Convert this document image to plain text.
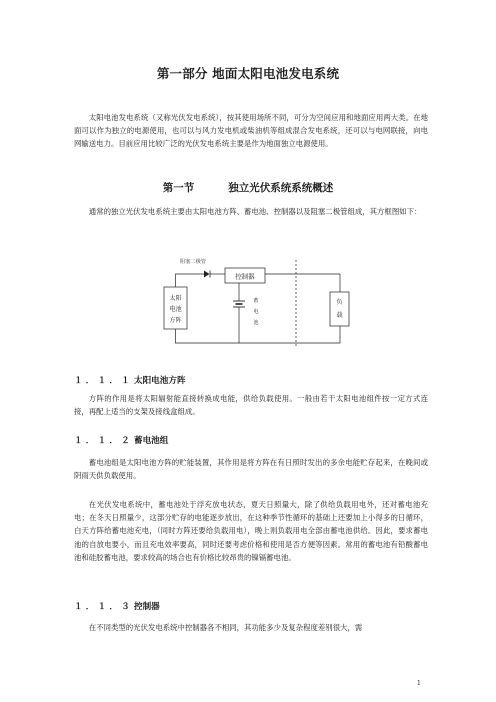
第一部分 地面太阳电池发电系统

太阳电池发电系统（又称光伏发电系统），按其使用场所不同，可分为空间应用和地面应用两大类。在地面可以作为独立的电源使用，也可以与风力发电机或柴油机等组成混合发电系统，还可以与电网联接，向电网输送电力。目前应用比较广泛的光伏发电系统主要是作为地面独立电源使用。

第一节	独立光伏系统系统概述

通常的独立光伏发电系统主要由太阳电池方阵、蓄电池、控制器以及阻塞二极管组成，其方框图如下：

阻塞二极管
控制器
太阳
电池
方阵
蓄
电
池
负
载
１．１．１太阳电池方阵

方阵的作用是将太阳辐射能直接转换成电能，供给负载使用。一般由若干太阳电池组件按一定方式连接，再配上适当的支架及接线盒组成。

１．１．２蓄电池组

蓄电池组是太阳电池方阵的贮能装置，其作用是将方阵在有日照时发出的多余电能贮存起来，在晚间或阴雨天供负载使用。

在光伏发电系统中，蓄电池处于浮充放电状态，夏天日照量大，除了供给负载用电外，还对蓄电池充电；在冬天日照量少，这部分贮存的电能逐步放出，在这种季节性循环的基础上还要加上小得多的日循环，白天方阵给蓄电池充电，（同时方阵还要给负载用电），晚上则负载用电全部由蓄电池供给。因此，要求蓄电池的自放电要小，而且充电效率要高，同时还要考虑价格和使用是否方便等因素。常用的蓄电池有铅酸蓄电池和硅胶蓄电池，要求较高的场合也有价格比较昂贵的镍镉蓄电池。

１．１．３控制器

在不同类型的光伏发电系统中控制器各不相同，其功能多少及复杂程度差别很大，需

1
